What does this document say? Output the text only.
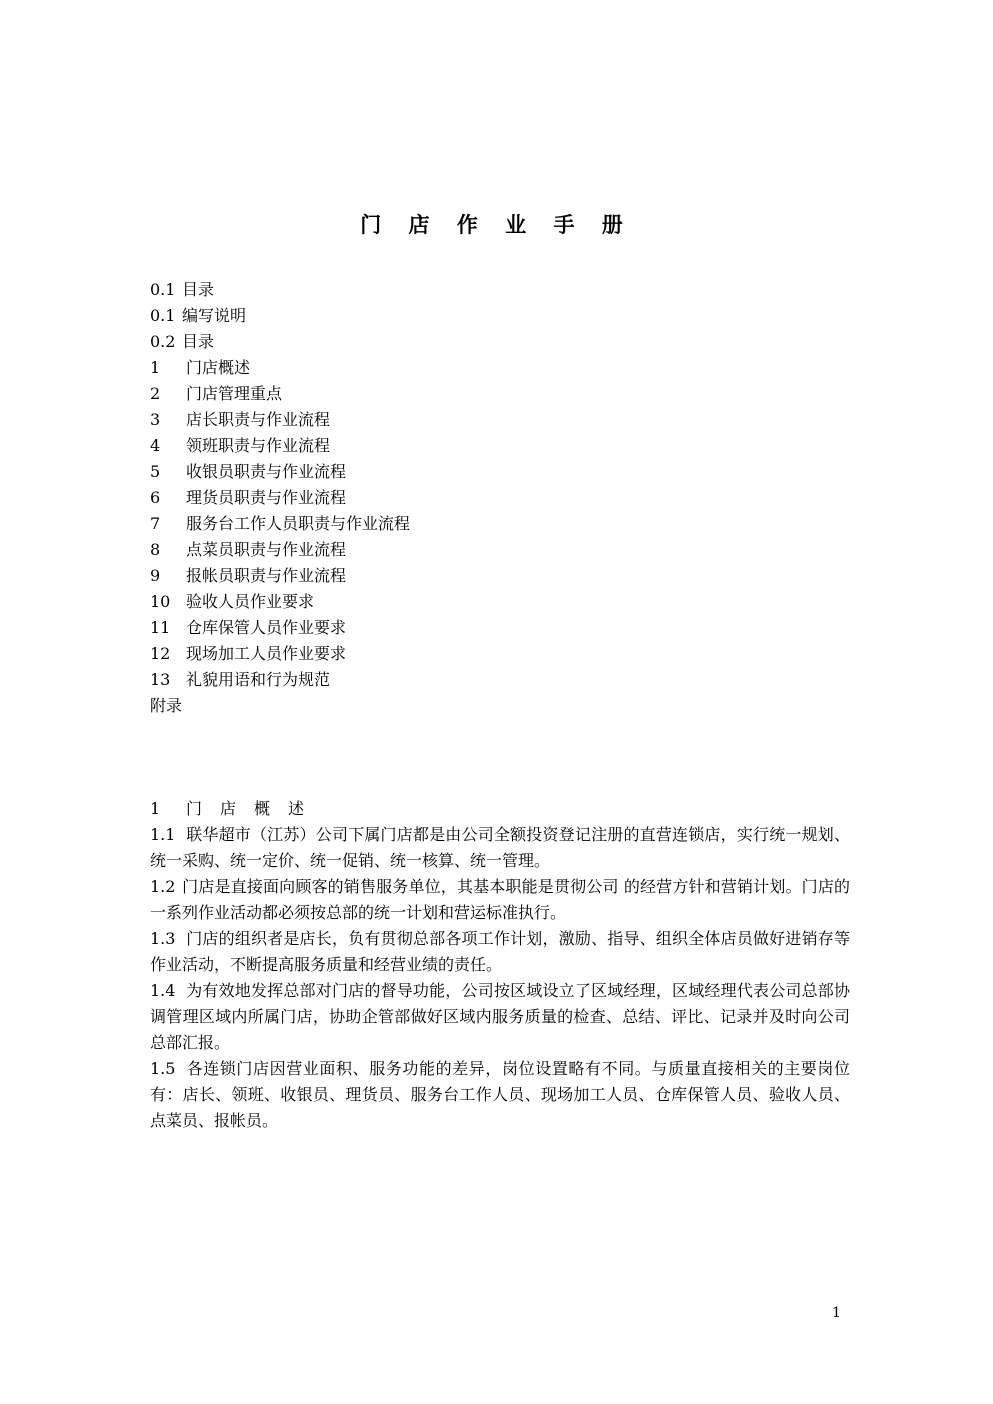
门 店 作 业 手 册
0.1 目录
0.1 编写说明
0.2 目录
1 门店概述
2 门店管理重点
3 店长职责与作业流程
4 领班职责与作业流程
5 收银员职责与作业流程
6 理货员职责与作业流程
7 服务台工作人员职责与作业流程
8 点菜员职责与作业流程
9 报帐员职责与作业流程
10 验收人员作业要求
11 仓库保管人员作业要求
12 现场加工人员作业要求
13 礼貌用语和行为规范
附录
1 门店概述

1.1 联华超市（江苏）公司下属门店都是由公司全额投资登记注册的直营连锁店，实行统一规划、统一采购、统一定价、统一促销、统一核算、统一管理。

1.2 门店是直接面向顾客的销售服务单位，其基本职能是贯彻公司 的经营方针和营销计划。门店的一系列作业活动都必须按总部的统一计划和营运标准执行。

1.3 门店的组织者是店长，负有贯彻总部各项工作计划，激励、指导、组织全体店员做好进销存等作业活动，不断提高服务质量和经营业绩的责任。

1.4 为有效地发挥总部对门店的督导功能，公司按区域设立了区域经理，区域经理代表公司总部协调管理区域内所属门店，协助企管部做好区域内服务质量的检查、总结、评比、记录并及时向公司总部汇报。

1.5 各连锁门店因营业面积、服务功能的差异，岗位设置略有不同。与质量直接相关的主要岗位有：店长、领班、收银员、理货员、服务台工作人员、现场加工人员、仓库保管人员、验收人员、点菜员、报帐员。

1
